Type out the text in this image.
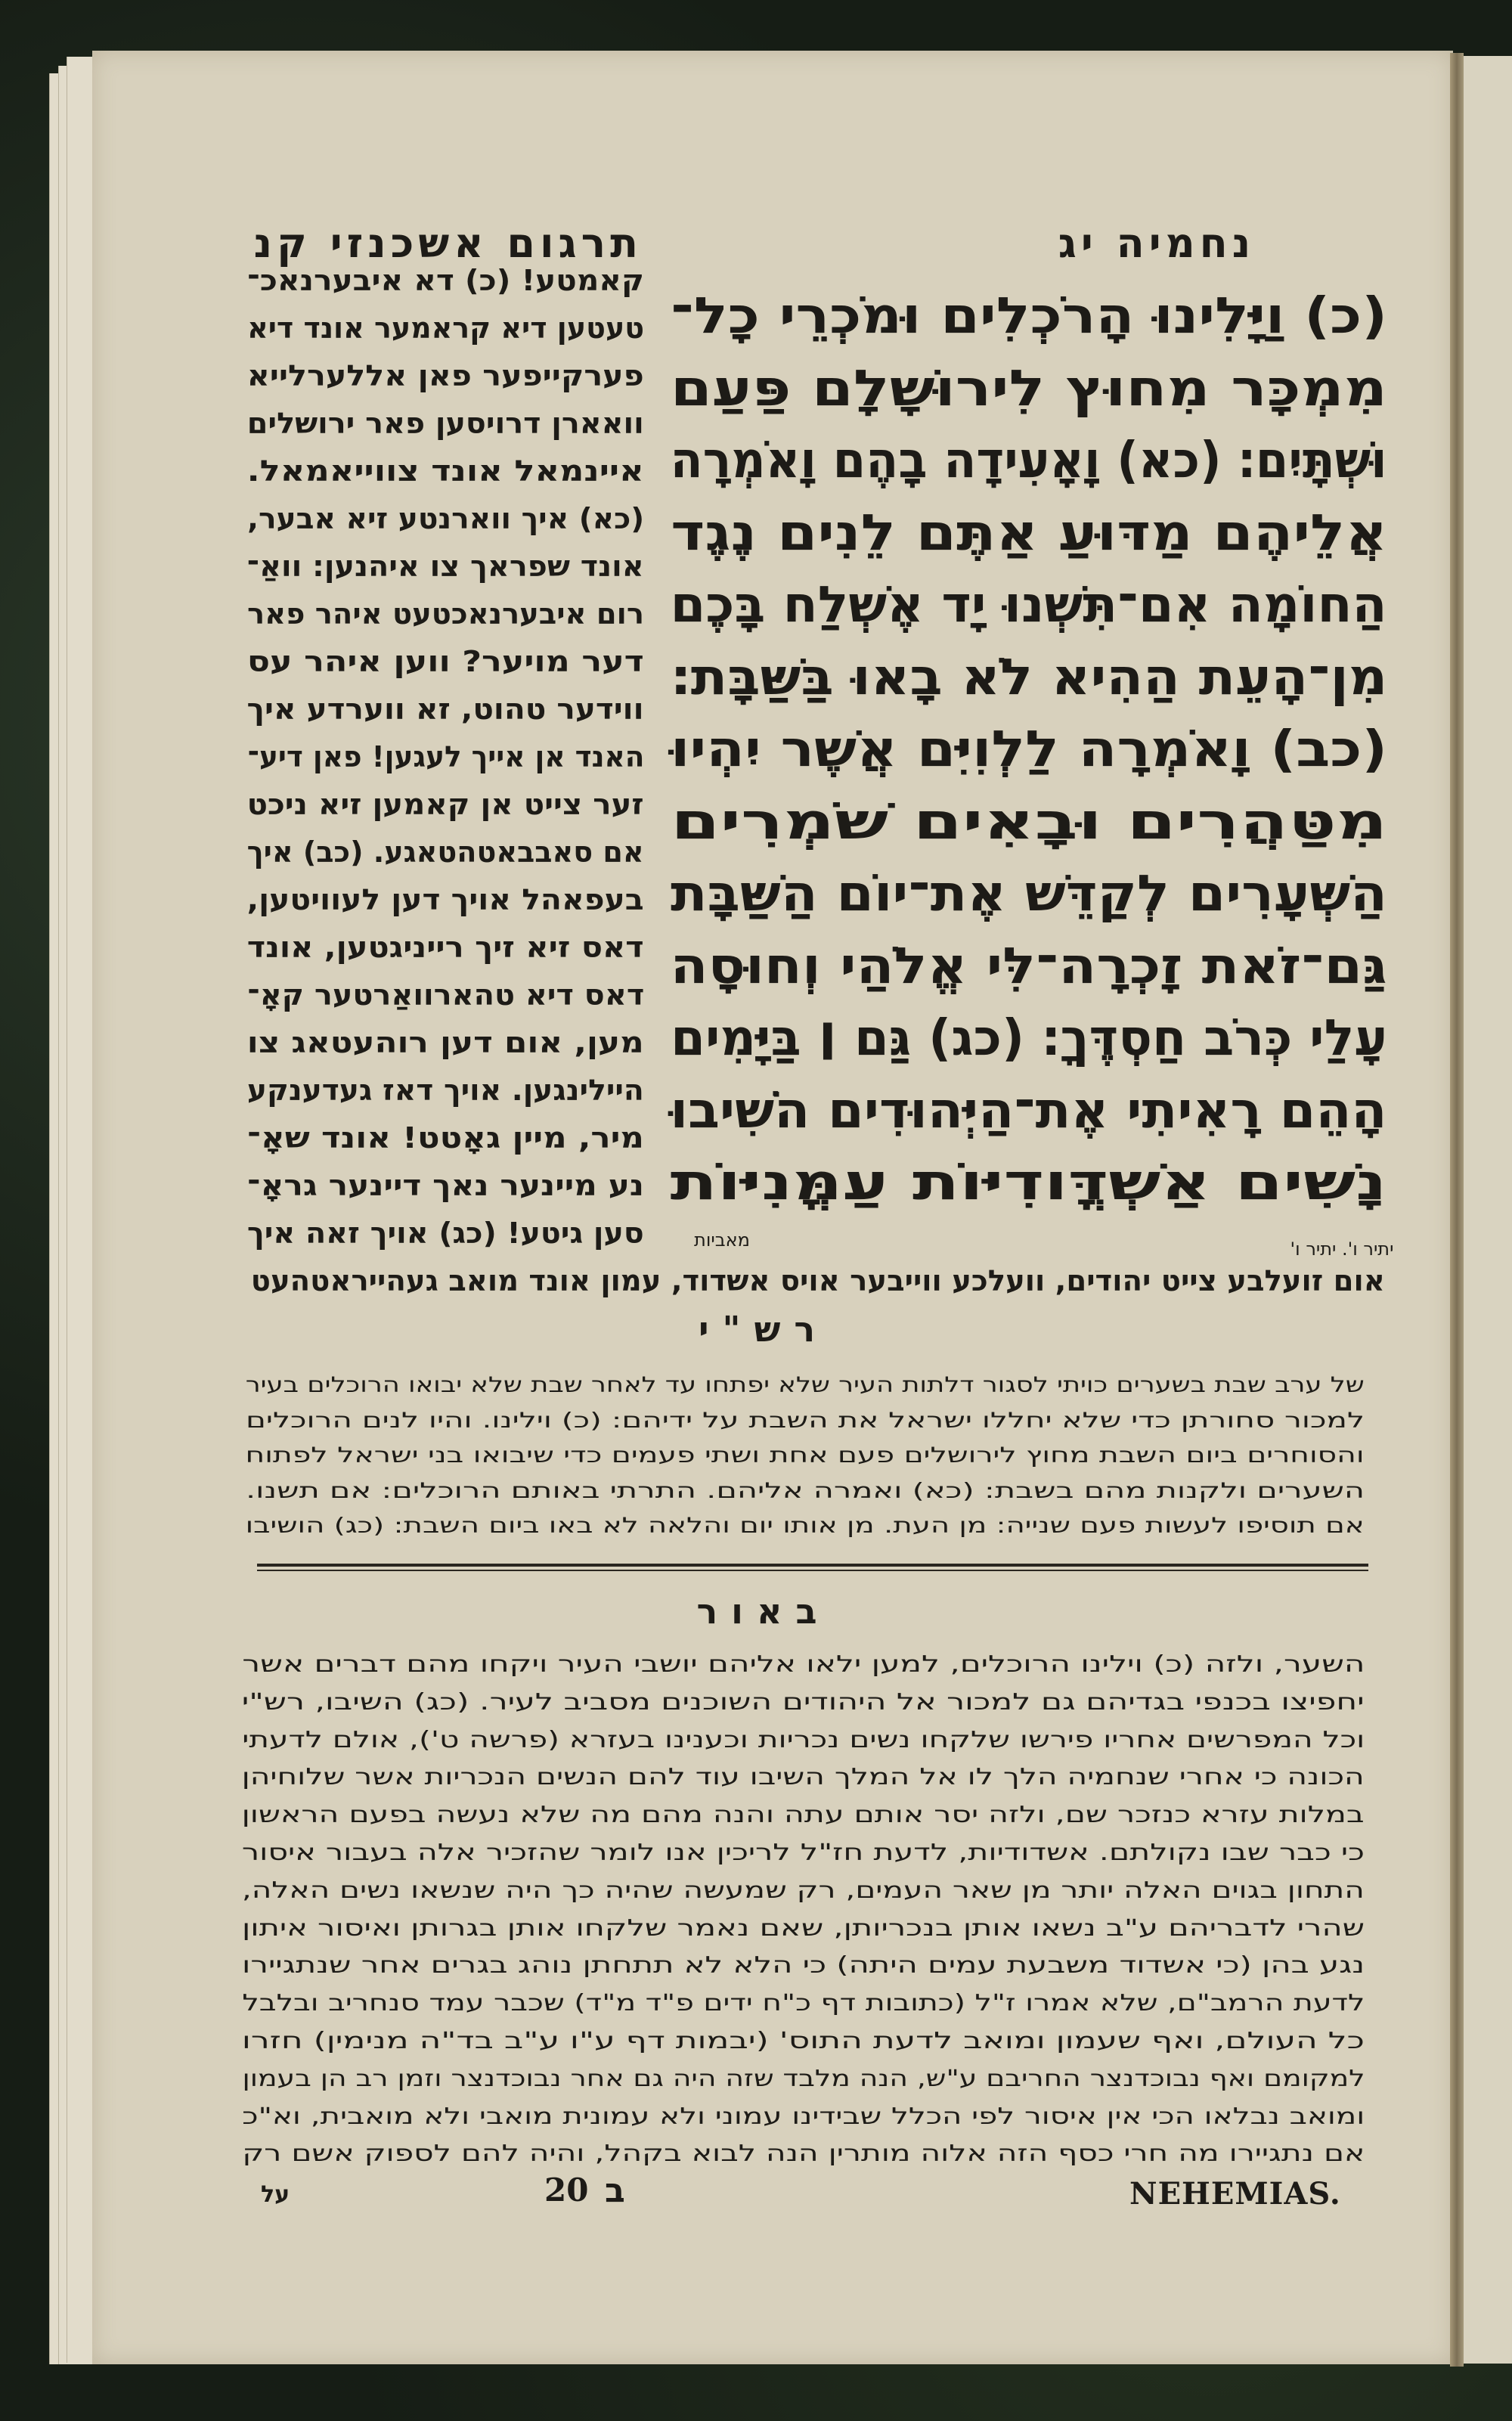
נחמיה יג
תרגום אשכנזי קנ
(כ) וַיָּלִינוּ הָרֹכְלִים וּמֹכְרֵי כָל־
מִמְכָּר מִחוּץ לִירוּשָׁלָם פַּעַם
וּשְׁתָּיִם׃ (כא) וָאָעִידָה בָהֶם וָאֹמְרָה
אֲלֵיהֶם מַדּוּעַ אַתֶּם לֵנִים נֶגֶד
הַחוֹמָה אִם־תִּשְׁנוּ יָד אֶשְׁלַח בָּכֶם
מִן־הָעֵת הַהִיא לֹא בָאוּ בַּשַּׁבָּת׃
(כב) וָאֹמְרָה לַלְוִיִּם אֲשֶׁר יִהְיוּ
מִטַּהֲרִים וּבָאִים שֹׁמְרִים
הַשְּׁעָרִים לְקַדֵּשׁ אֶת־יוֹם הַשַּׁבָּת
גַּם־זֹאת זָכְרָה־לִּי אֱלֹהַי וְחוּסָה
עָלַי כְּרֹב חַסְדֶּךָ׃ (כג) גַּם ׀ בַּיָּמִים
הָהֵם רָאִיתִי אֶת־הַיְּהוּדִים הֹשִׁיבוּ
נָשִׁים אַשְׁדֳּודִיּוֹת עַמֳּנִיּוֹת
קאמטע! (כ) דא איבערנאכ־
טעטען דיא קראמער אונד דיא
פערקייפער פאן אללערלייא
וואארן דרויסען פאר ירושלים
איינמאל אונד צווייאמאל.
(כא) איך ווארנטע זיא אבער,
אונד שפראך צו איהנען: וואַ־
רום איבערנאכטעט איהר פאר
דער מויער? ווען איהר עס
ווידער טהוט, זא ווערדע איך
האנד אן אייך לעגען! פאן דיע־
זער צייט אן קאמען זיא ניכט
אם סאבבאטהטאגע. (כב) איך
בעפאהל אויך דען לעוויטען,
דאס זיא זיך רייניגטען, אונד
דאס דיא טהארוואַרטער קאָ־
מען, אום דען רוהעטאג צו
היילינגען. אויך דאז געדענקע
מיר, מיין גאָטט! אונד שאָ־
נע מיינער נאך דיינער גראָ־
סען גיטע! (כג) אויך זאה איך	יתיר ו'. יתיר ו'
מאביות
אום זועלבע צייט יהודים, וועלכע ווייבער אויס אשדוד, עמון אונד מואב געהייראטהעט
רש"י
של ערב שבת בשערים כויתי לסגור דלתות העיר שלא יפתחו עד לאחר שבת שלא יבואו הרוכלים בעיר
למכור סחורתן כדי שלא יחללו ישראל את השבת על ידיהם: (כ) וילינו. והיו לנים הרוכלים
והסוחרים ביום השבת מחוץ לירושלים פעם אחת ושתי פעמים כדי שיבואו בני ישראל לפתוח
השערים ולקנות מהם בשבת: (כא) ואמרה אליהם. התרתי באותם הרוכלים: אם תשנו.
אם תוסיפו לעשות פעם שנייה: מן העת. מן אותו יום והלאה לא באו ביום השבת: (כג) הושיבו
באור
השער, ולזה (כ) וילינו הרוכלים, למען ילאו אליהם יושבי העיר ויקחו מהם דברים אשר
יחפיצו בכנפי בגדיהם גם למכור אל היהודים השוכנים מסביב לעיר. (כג) השיבו, רש"י
וכל המפרשים אחריו פירשו שלקחו נשים נכריות וכענינו בעזרא (פרשה ט'), אולם לדעתי
הכונה כי אחרי שנחמיה הלך לו אל המלך השיבו עוד להם הנשים הנכריות אשר שלוחיהן
במלות עזרא כנזכר שם, ולזה יסר אותם עתה והנה מהם מה שלא נעשה בפעם הראשון
כי כבר שבו נקולתם. אשדודיות, לדעת חז"ל לריכין אנו לומר שהזכיר אלה בעבור איסור
התחון בגוים האלה יותר מן שאר העמים, רק שמעשה שהיה כך היה שנשאו נשים האלה,
שהרי לדבריהם ע"ב נשאו אותן בנכריותן, שאם נאמר שלקחו אותן בגרותן ואיסור איתון
נגע בהן (כי אשדוד משבעת עמים היתה) כי הלא לא תתחתן נוהג בגרים אחר שנתגיירו
לדעת הרמב"ם, שלא אמרו ז"ל (כתובות דף כ"ח ידים פ"ד מ"ד) שכבר עמד סנחריב ובלבל
כל העולם, ואף שעמון ומואב לדעת התוס' (יבמות דף ע"ו ע"ב בד"ה מנימין) חזרו
למקומם ואף נבוכדנצר החריבם ע"ש, הנה מלבד שזה היה גם אחר נבוכדנצר וזמן רב הן בעמון
ומואב נבלאו הכי אין איסור לפי הכלל שבידינו עמוני ולא עמונית מואבי ולא מואבית, וא"כ
אם נתגיירו מה חרי כסף הזה אלוה מותרין הנה לבוא בקהל, והיה להם לספוק אשם רק
על	20 ב	NEHEMIAS.
